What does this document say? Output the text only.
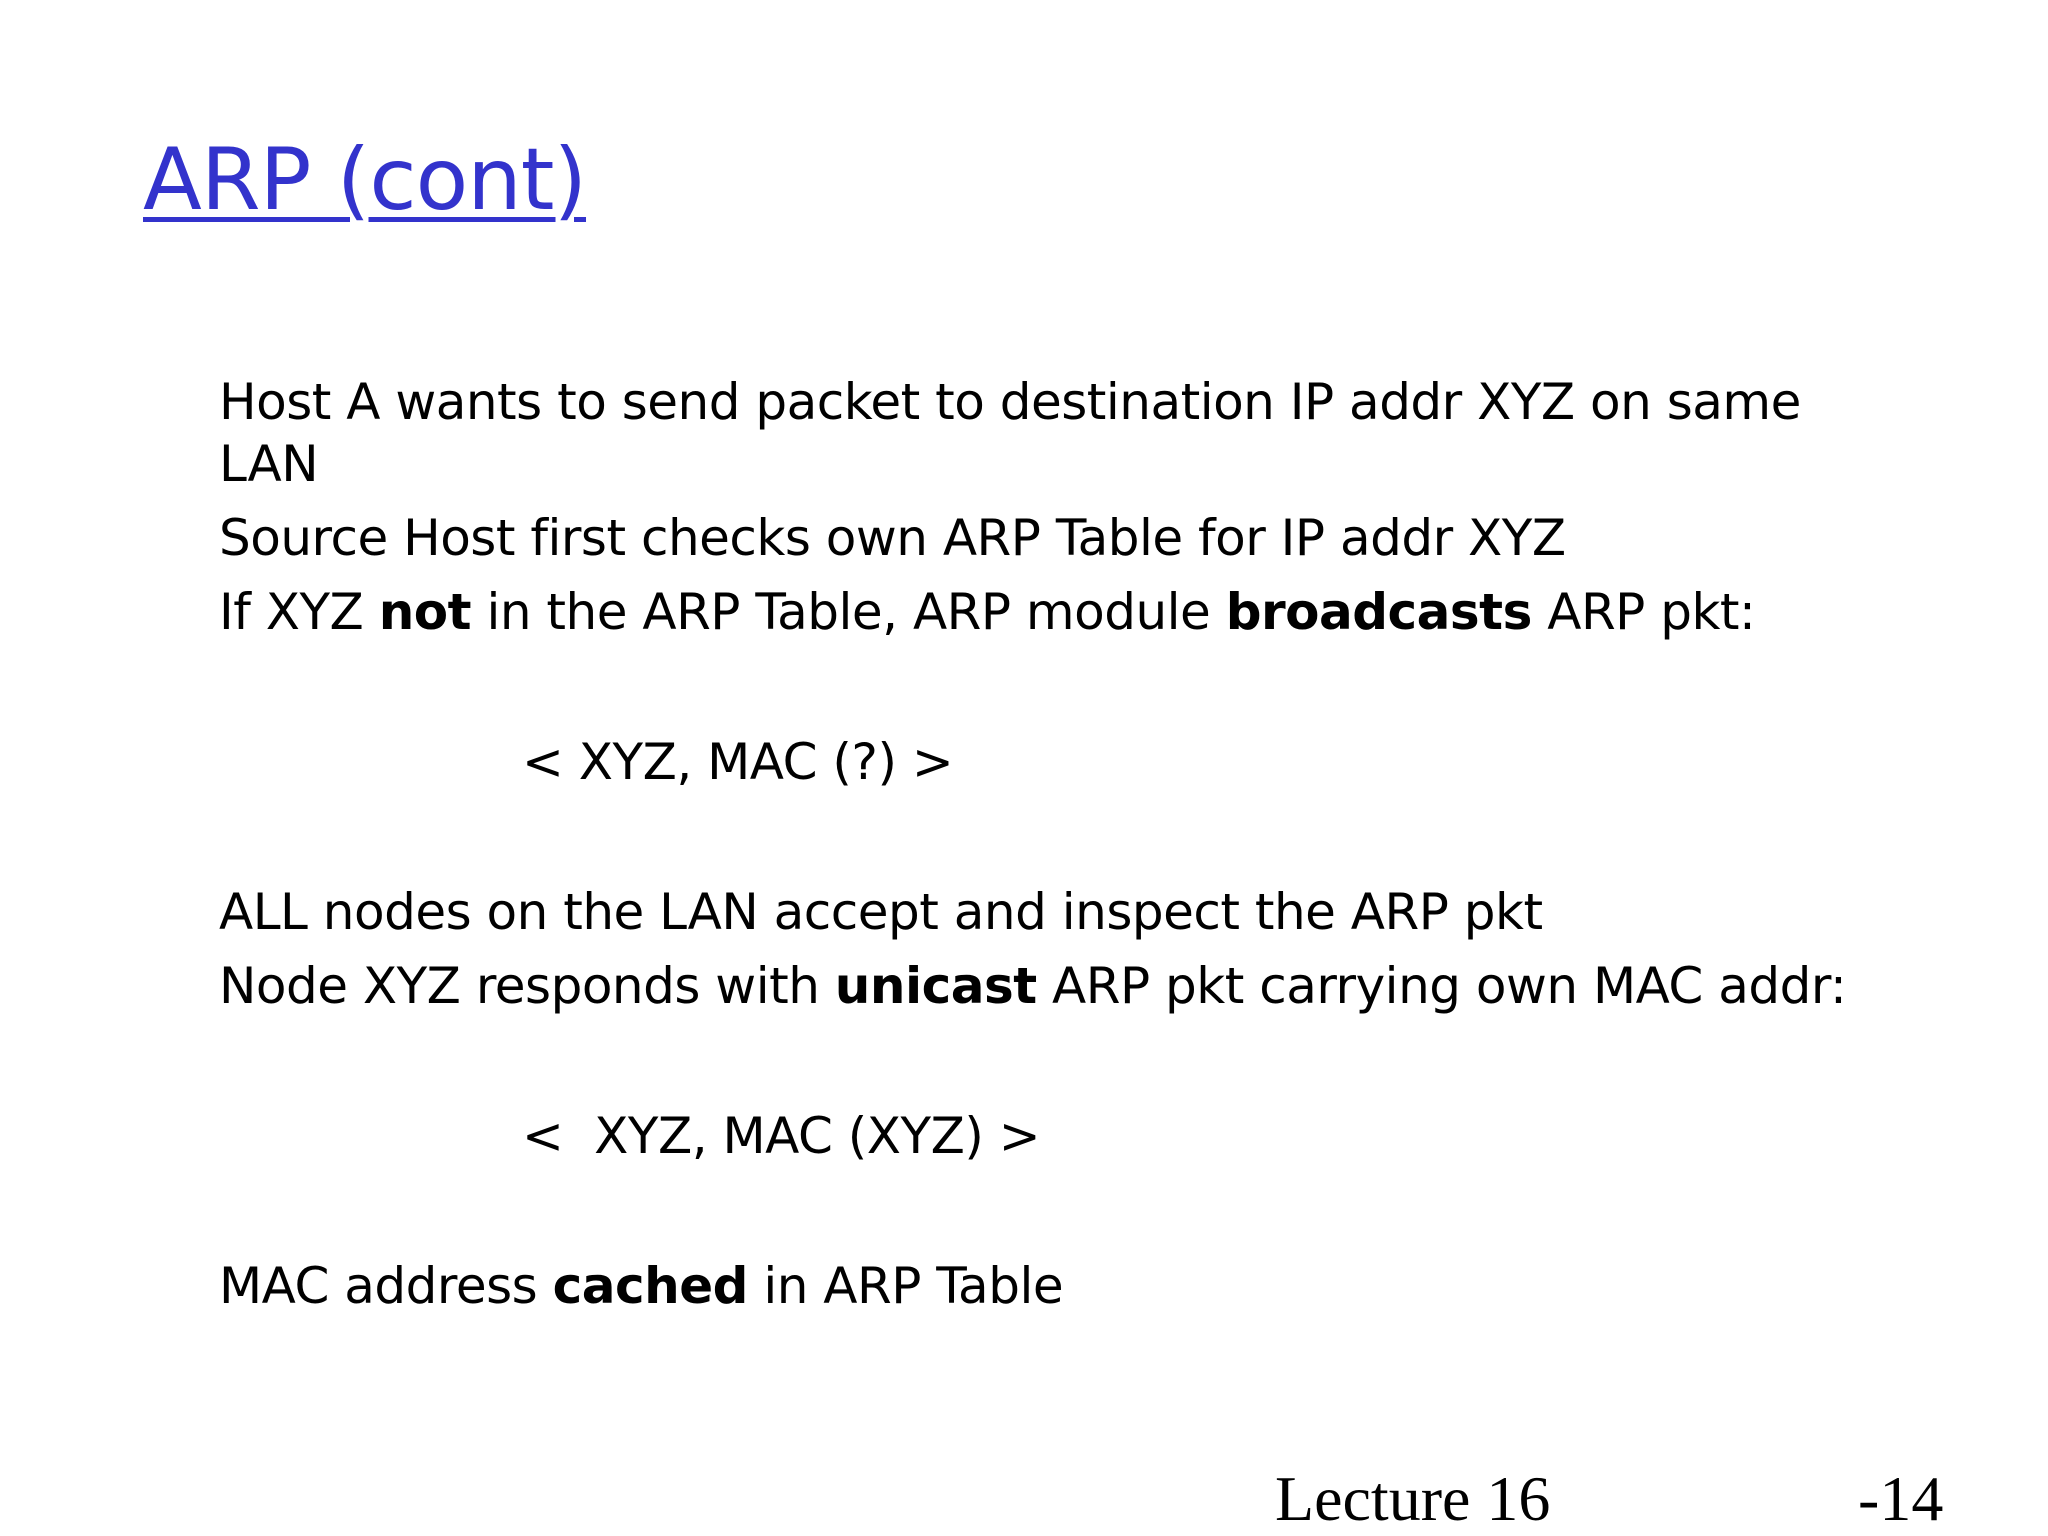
ARP (cont)
Host A wants to send packet to destination IP addr XYZ on same
LAN
Source Host first checks own ARP Table for IP addr XYZ
If XYZ not in the ARP Table, ARP module broadcasts ARP pkt:
< XYZ, MAC (?) >
ALL nodes on the LAN accept and inspect the ARP pkt
Node XYZ responds with unicast ARP pkt carrying own MAC addr:
<  XYZ, MAC (XYZ) >
MAC address cached in ARP Table
Lecture 16	-14
